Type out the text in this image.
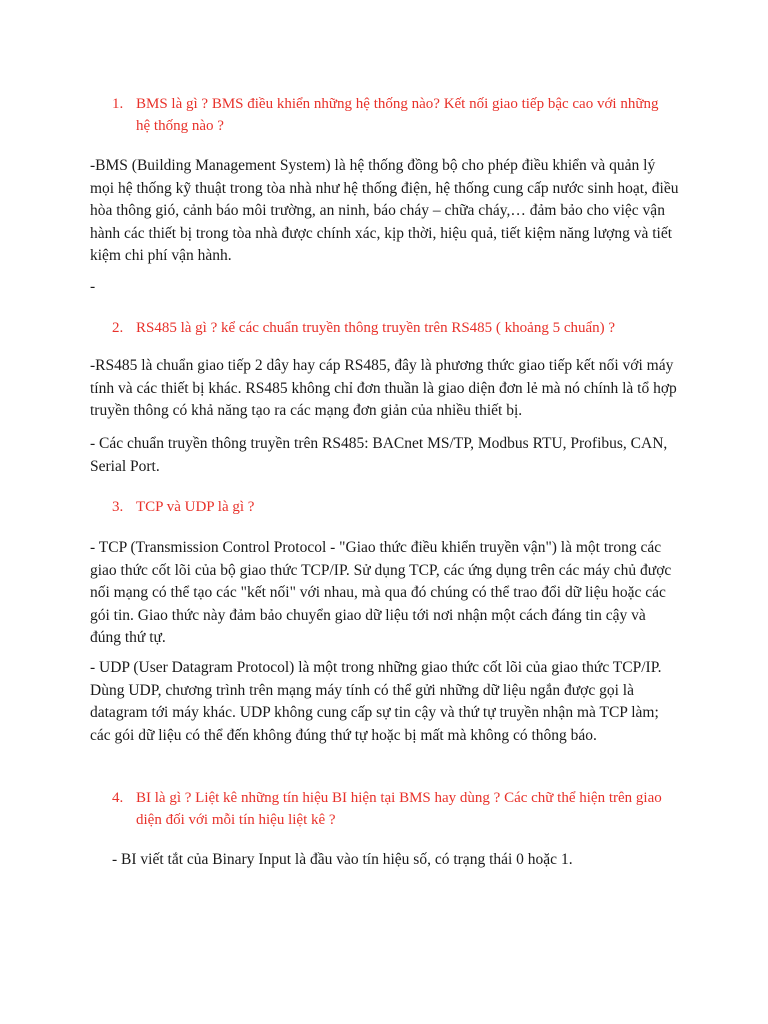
1. BMS là gì ? BMS điều khiển những hệ thống nào? Kết nối giao tiếp bậc cao với những hệ thống nào ?
-BMS (Building Management System) là hệ thống đồng bộ cho phép điều khiển và quản lý mọi hệ thống kỹ thuật trong tòa nhà như hệ thống điện, hệ thống cung cấp nước sinh hoạt, điều hòa thông gió, cảnh báo môi trường, an ninh, báo cháy – chữa cháy,… đảm bảo cho việc vận hành các thiết bị trong tòa nhà được chính xác, kịp thời, hiệu quả, tiết kiệm năng lượng và tiết kiệm chi phí vận hành.
-
2. RS485 là gì ? kể các chuẩn truyền thông truyền trên RS485 ( khoảng 5 chuẩn) ?
-RS485 là chuẩn giao tiếp 2 dây hay cáp RS485, đây là phương thức giao tiếp kết nối với máy tính và các thiết bị khác. RS485 không chỉ đơn thuần là giao diện đơn lẻ mà nó chính là tổ hợp truyền thông có khả năng tạo ra các mạng đơn giản của nhiều thiết bị.
- Các chuẩn truyền thông truyền trên RS485: BACnet MS/TP, Modbus RTU, Profibus, CAN, Serial Port.
3. TCP và UDP là gì ?
- TCP (Transmission Control Protocol - "Giao thức điều khiển truyền vận") là một trong các giao thức cốt lõi của bộ giao thức TCP/IP. Sử dụng TCP, các ứng dụng trên các máy chủ được nối mạng có thể tạo các "kết nối" với nhau, mà qua đó chúng có thể trao đổi dữ liệu hoặc các gói tin. Giao thức này đảm bảo chuyển giao dữ liệu tới nơi nhận một cách đáng tin cậy và đúng thứ tự.
- UDP (User Datagram Protocol) là một trong những giao thức cốt lõi của giao thức TCP/IP. Dùng UDP, chương trình trên mạng máy tính có thể gửi những dữ liệu ngắn được gọi là datagram tới máy khác. UDP không cung cấp sự tin cậy và thứ tự truyền nhận mà TCP làm; các gói dữ liệu có thể đến không đúng thứ tự hoặc bị mất mà không có thông báo.
4. BI là gì ? Liệt kê những tín hiệu BI hiện tại BMS hay dùng ? Các chữ thể hiện trên giao diện đối với mỗi tín hiệu liệt kê ?
- BI viết tắt của Binary Input là đầu vào tín hiệu số, có trạng thái 0 hoặc 1.
